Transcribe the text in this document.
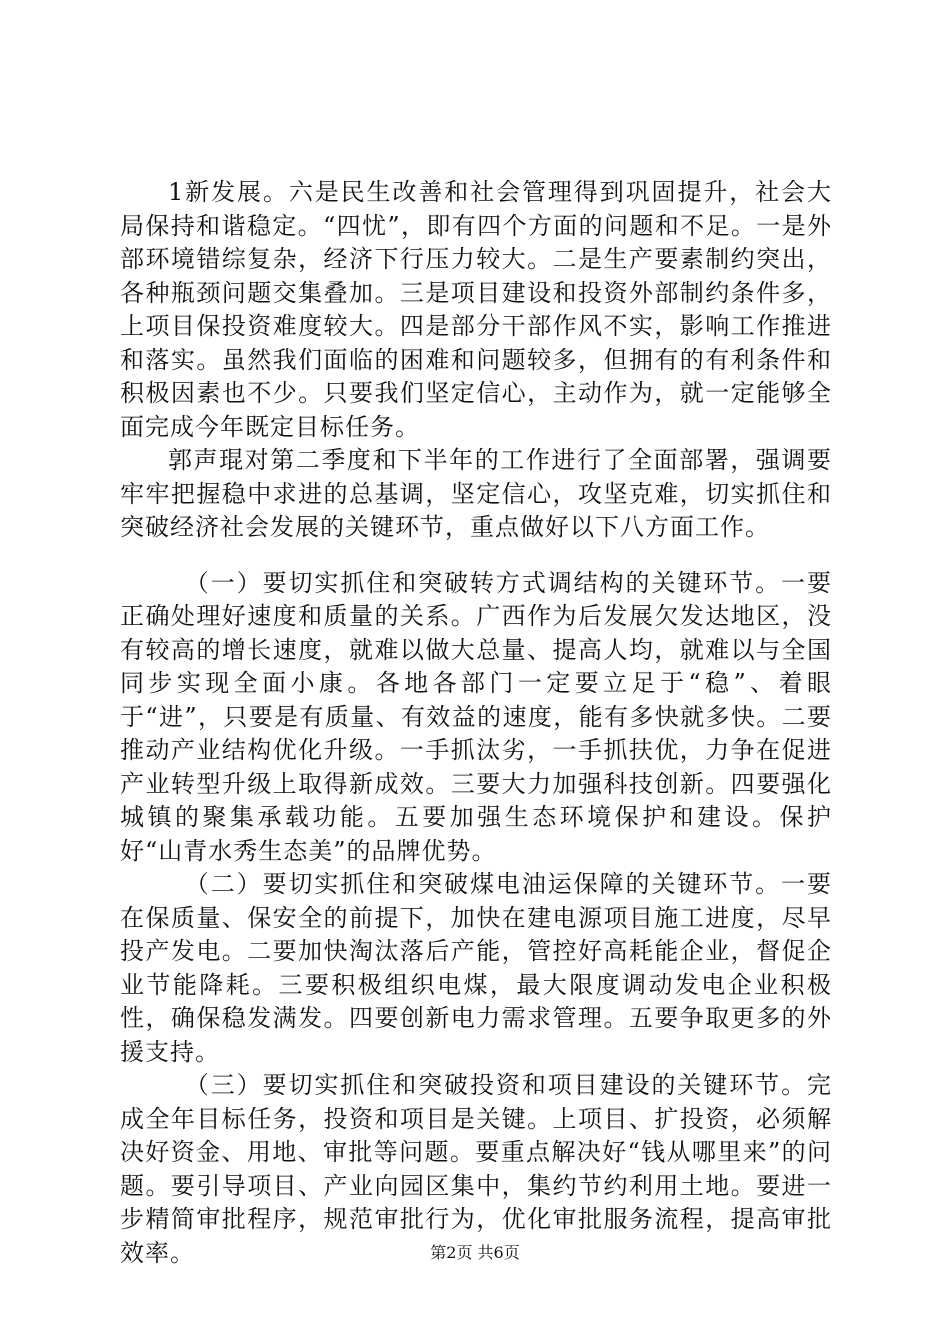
1新发展。六是民生改善和社会管理得到巩固提升，社会大局保持和谐稳定。“四忧”，即有四个方面的问题和不足。一是外部环境错综复杂，经济下行压力较大。二是生产要素制约突出，各种瓶颈问题交集叠加。三是项目建设和投资外部制约条件多，上项目保投资难度较大。四是部分干部作风不实，影响工作推进和落实。虽然我们面临的困难和问题较多，但拥有的有利条件和积极因素也不少。只要我们坚定信心，主动作为，就一定能够全面完成今年既定目标任务。

郭声琨对第二季度和下半年的工作进行了全面部署，强调要牢牢把握稳中求进的总基调，坚定信心，攻坚克难，切实抓住和突破经济社会发展的关键环节，重点做好以下八方面工作。

（一）要切实抓住和突破转方式调结构的关键环节。一要正确处理好速度和质量的关系。广西作为后发展欠发达地区，没有较高的增长速度，就难以做大总量、提高人均，就难以与全国同步实现全面小康。各地各部门一定要立足于“稳”、着眼于“进”，只要是有质量、有效益的速度，能有多快就多快。二要推动产业结构优化升级。一手抓汰劣，一手抓扶优，力争在促进产业转型升级上取得新成效。三要大力加强科技创新。四要强化城镇的聚集承载功能。五要加强生态环境保护和建设。保护好“山青水秀生态美”的品牌优势。

（二）要切实抓住和突破煤电油运保障的关键环节。一要在保质量、保安全的前提下，加快在建电源项目施工进度，尽早投产发电。二要加快淘汰落后产能，管控好高耗能企业，督促企业节能降耗。三要积极组织电煤，最大限度调动发电企业积极性，确保稳发满发。四要创新电力需求管理。五要争取更多的外援支持。

（三）要切实抓住和突破投资和项目建设的关键环节。完成全年目标任务，投资和项目是关键。上项目、扩投资，必须解决好资金、用地、审批等问题。要重点解决好“钱从哪里来”的问题。要引导项目、产业向园区集中，集约节约利用土地。要进一步精简审批程序，规范审批行为，优化审批服务流程，提高审批效率。	第2页 共6页
